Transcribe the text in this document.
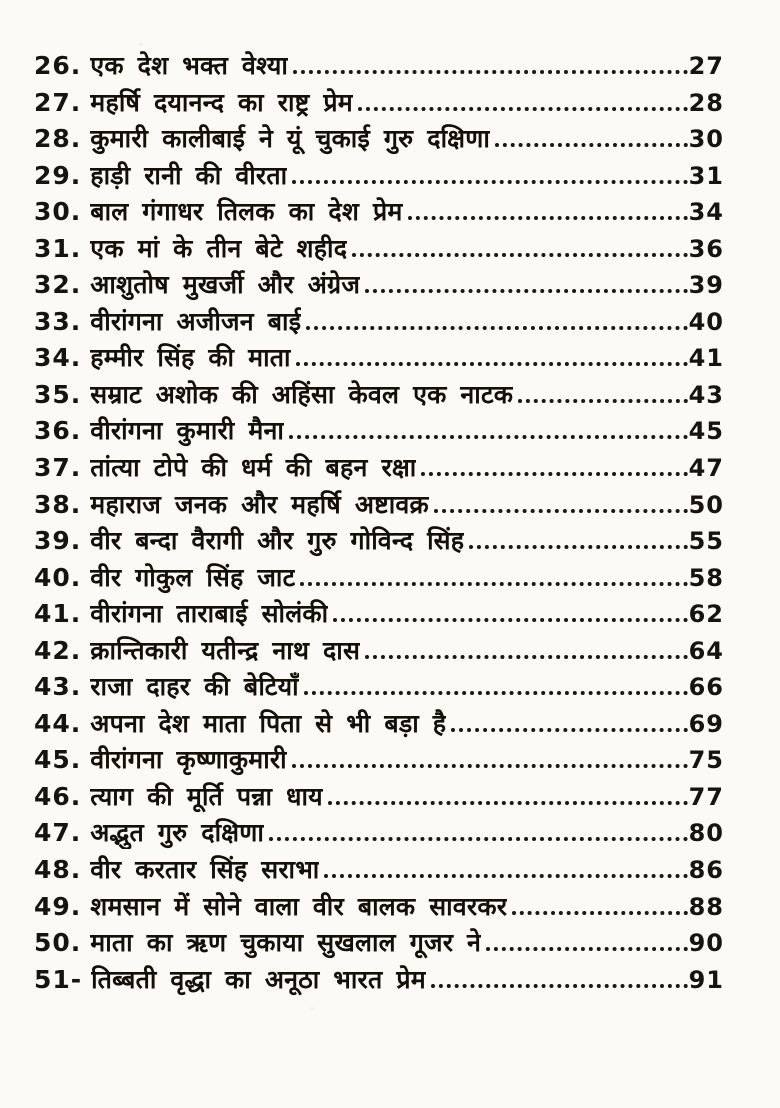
26. एक देश भक्त वेश्या	27
27. महर्षि दयानन्द का राष्ट्र प्रेम	28
28. कुमारी कालीबाई ने यूं चुकाई गुरु दक्षिणा	30
29. हाड़ी रानी की वीरता	31
30. बाल गंगाधर तिलक का देश प्रेम	34
31. एक मां के तीन बेटे शहीद	36
32. आशुतोष मुखर्जी और अंग्रेज	39
33. वीरांगना अजीजन बाई	40
34. हम्मीर सिंह की माता	41
35. सम्राट अशोक की अहिंसा केवल एक नाटक	43
36. वीरांगना कुमारी मैना	45
37. तांत्या टोपे की धर्म की बहन रक्षा	47
38. महाराज जनक और महर्षि अष्टावक्र	50
39. वीर बन्दा वैरागी और गुरु गोविन्द सिंह	55
40. वीर गोकुल सिंह जाट	58
41. वीरांगना ताराबाई सोलंकी	62
42. क्रान्तिकारी यतीन्द्र नाथ दास	64
43. राजा दाहर की बेटियाँ	66
44. अपना देश माता पिता से भी बड़ा है	69
45. वीरांगना कृष्णाकुमारी	75
46. त्याग की मूर्ति पन्ना धाय	77
47. अद्भुत गुरु दक्षिणा	80
48. वीर करतार सिंह सराभा	86
49. शमसान में सोने वाला वीर बालक सावरकर	88
50. माता का ऋण चुकाया सुखलाल गूजर ने	90
51- तिब्बती वृद्धा का अनूठा भारत प्रेम	91
